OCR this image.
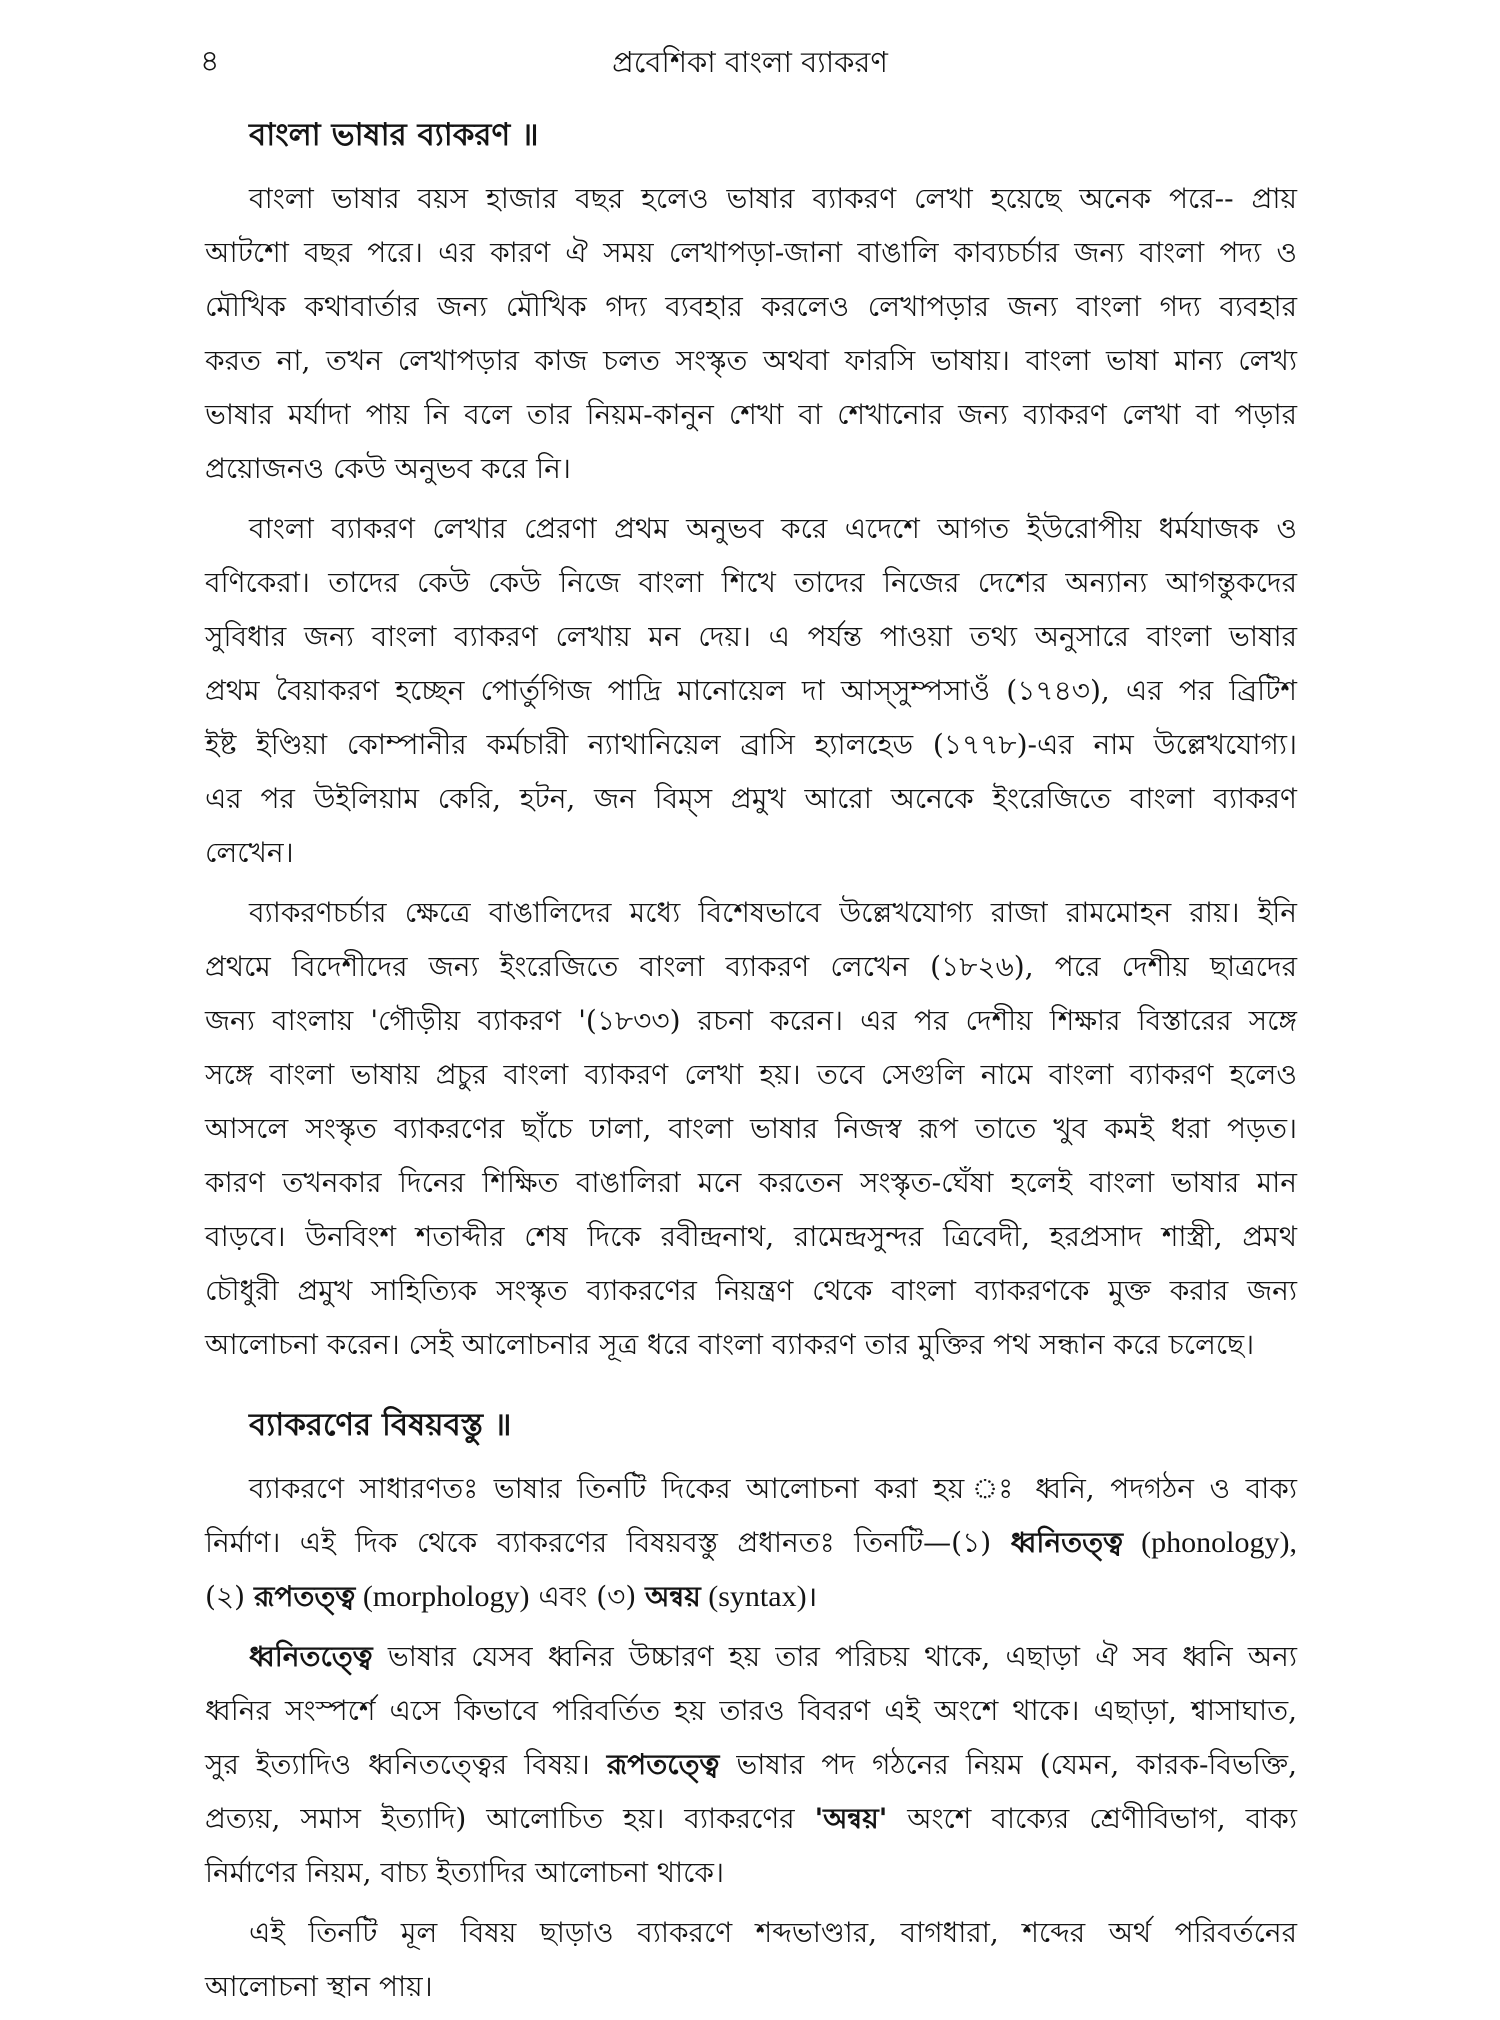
৪	প্রবেশিকা বাংলা ব্যাকরণ
বাংলা ভাষার ব্যাকরণ ॥
বাংলা ভাষার বয়স হাজার বছর হলেও ভাষার ব্যাকরণ লেখা হয়েছে অনেক পরে-- প্রায়
আটশো বছর পরে। এর কারণ ঐ সময় লেখাপড়া-জানা বাঙালি কাব্যচর্চার জন্য বাংলা পদ্য ও
মৌখিক কথাবার্তার জন্য মৌখিক গদ্য ব্যবহার করলেও লেখাপড়ার জন্য বাংলা গদ্য ব্যবহার
করত না, তখন লেখাপড়ার কাজ চলত সংস্কৃত অথবা ফারসি ভাষায়। বাংলা ভাষা মান্য লেখ্য
ভাষার মর্যাদা পায় নি বলে তার নিয়ম-কানুন শেখা বা শেখানোর জন্য ব্যাকরণ লেখা বা পড়ার
প্রয়োজনও কেউ অনুভব করে নি।
বাংলা ব্যাকরণ লেখার প্রেরণা প্রথম অনুভব করে এদেশে আগত ইউরোপীয় ধর্মযাজক ও
বণিকেরা। তাদের কেউ কেউ নিজে বাংলা শিখে তাদের নিজের দেশের অন্যান্য আগন্তুকদের
সুবিধার জন্য বাংলা ব্যাকরণ লেখায় মন দেয়। এ পর্যন্ত পাওয়া তথ্য অনুসারে বাংলা ভাষার
প্রথম বৈয়াকরণ হচ্ছেন পোর্তুগিজ পাদ্রি মানোয়েল দা আস্‌সুম্পসাওঁ (১৭৪৩), এর পর ব্রিটিশ
ইষ্ট ইণ্ডিয়া কোম্পানীর কর্মচারী ন্যাথানিয়েল ব্রাসি হ্যালহেড (১৭৭৮)-এর নাম উল্লেখযোগ্য।
এর পর উইলিয়াম কেরি, হটন, জন বিম্‌স প্রমুখ আরো অনেকে ইংরেজিতে বাংলা ব্যাকরণ
লেখেন।
ব্যাকরণচর্চার ক্ষেত্রে বাঙালিদের মধ্যে বিশেষভাবে উল্লেখযোগ্য রাজা রামমোহন রায়। ইনি
প্রথমে বিদেশীদের জন্য ইংরেজিতে বাংলা ব্যাকরণ লেখেন (১৮২৬), পরে দেশীয় ছাত্রদের
জন্য বাংলায় 'গৌড়ীয় ব্যাকরণ '(১৮৩৩) রচনা করেন। এর পর দেশীয় শিক্ষার বিস্তারের সঙ্গে
সঙ্গে বাংলা ভাষায় প্রচুর বাংলা ব্যাকরণ লেখা হয়। তবে সেগুলি নামে বাংলা ব্যাকরণ হলেও
আসলে সংস্কৃত ব্যাকরণের ছাঁচে ঢালা, বাংলা ভাষার নিজস্ব রূপ তাতে খুব কমই ধরা পড়ত।
কারণ তখনকার দিনের শিক্ষিত বাঙালিরা মনে করতেন সংস্কৃত-ঘেঁষা হলেই বাংলা ভাষার মান
বাড়বে। উনবিংশ শতাব্দীর শেষ দিকে রবীন্দ্রনাথ, রামেন্দ্রসুন্দর ত্রিবেদী, হরপ্রসাদ শাস্ত্রী, প্রমথ
চৌধুরী প্রমুখ সাহিত্যিক সংস্কৃত ব্যাকরণের নিয়ন্ত্রণ থেকে বাংলা ব্যাকরণকে মুক্ত করার জন্য
আলোচনা করেন। সেই আলোচনার সূত্র ধরে বাংলা ব্যাকরণ তার মুক্তির পথ সন্ধান করে চলেছে।
ব্যাকরণের বিষয়বস্তু ॥
ব্যাকরণে সাধারণতঃ ভাষার তিনটি দিকের আলোচনা করা হয় ঃ ধ্বনি, পদগঠন ও বাক্য
নির্মাণ। এই দিক থেকে ব্যাকরণের বিষয়বস্তু প্রধানতঃ তিনটি—(১) ধ্বনিতত্ত্ব (phonology),
(২) রূপতত্ত্ব (morphology) এবং (৩) অন্বয় (syntax)।
ধ্বনিতত্ত্বে ভাষার যেসব ধ্বনির উচ্চারণ হয় তার পরিচয় থাকে, এছাড়া ঐ সব ধ্বনি অন্য
ধ্বনির সংস্পর্শে এসে কিভাবে পরিবর্তিত হয় তারও বিবরণ এই অংশে থাকে। এছাড়া, শ্বাসাঘাত,
সুর ইত্যাদিও ধ্বনিতত্ত্বের বিষয়। রূপতত্ত্বে ভাষার পদ গঠনের নিয়ম (যেমন, কারক-বিভক্তি,
প্রত্যয়, সমাস ইত্যাদি) আলোচিত হয়। ব্যাকরণের 'অন্বয়' অংশে বাক্যের শ্রেণীবিভাগ, বাক্য
নির্মাণের নিয়ম, বাচ্য ইত্যাদির আলোচনা থাকে।
এই তিনটি মূল বিষয় ছাড়াও ব্যাকরণে শব্দভাণ্ডার, বাগধারা, শব্দের অর্থ পরিবর্তনের
আলোচনা স্থান পায়।
